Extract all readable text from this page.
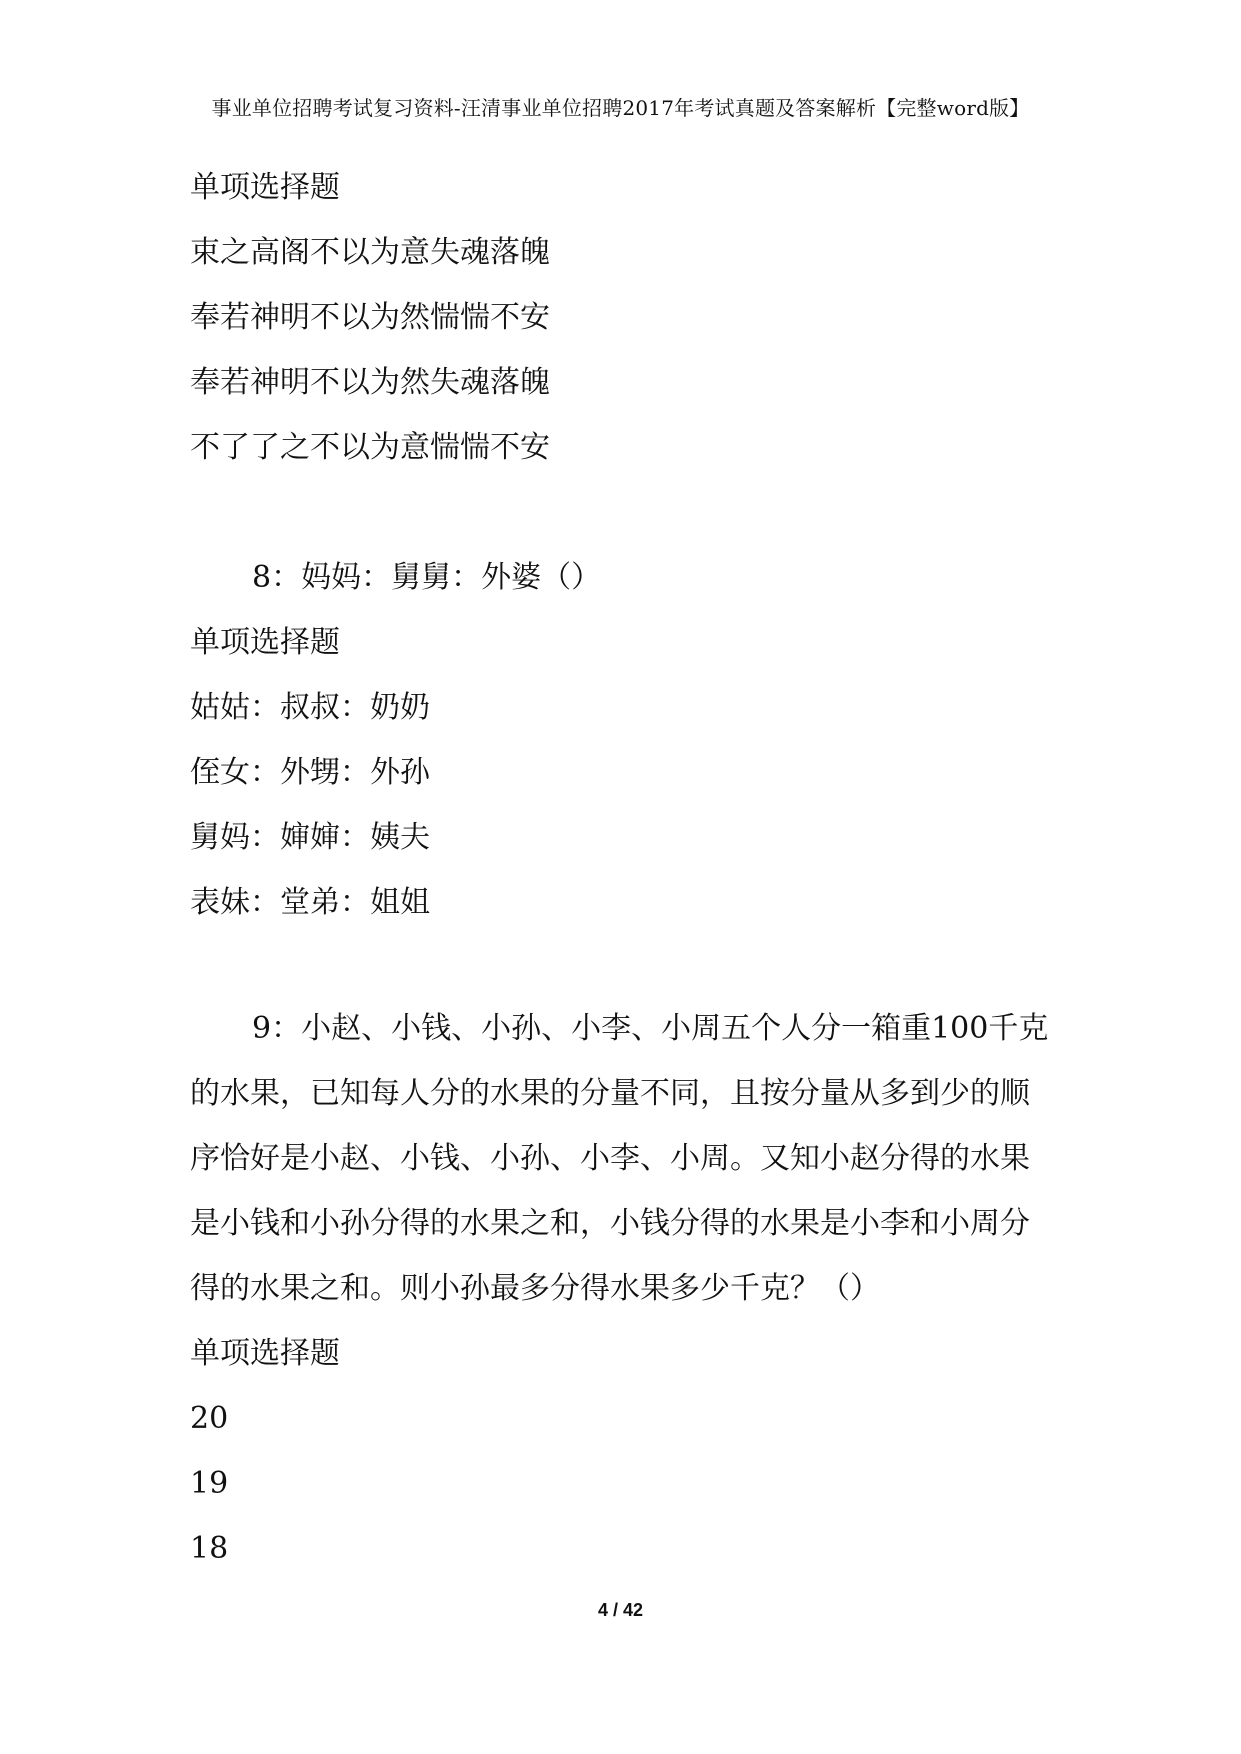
事业单位招聘考试复习资料-汪清事业单位招聘2017年考试真题及答案解析【完整word版】
单项选择题
束之高阁不以为意失魂落魄
奉若神明不以为然惴惴不安
奉若神明不以为然失魂落魄
不了了之不以为意惴惴不安
8：妈妈：舅舅：外婆（）
单项选择题
姑姑：叔叔：奶奶
侄女：外甥：外孙
舅妈：婶婶：姨夫
表妹：堂弟：姐姐
9：小赵、小钱、小孙、小李、小周五个人分一箱重100千克的水果，已知每人分的水果的分量不同，且按分量从多到少的顺序恰好是小赵、小钱、小孙、小李、小周。又知小赵分得的水果是小钱和小孙分得的水果之和，小钱分得的水果是小李和小周分得的水果之和。则小孙最多分得水果多少千克？（）
单项选择题
20
19
18
4 / 42
